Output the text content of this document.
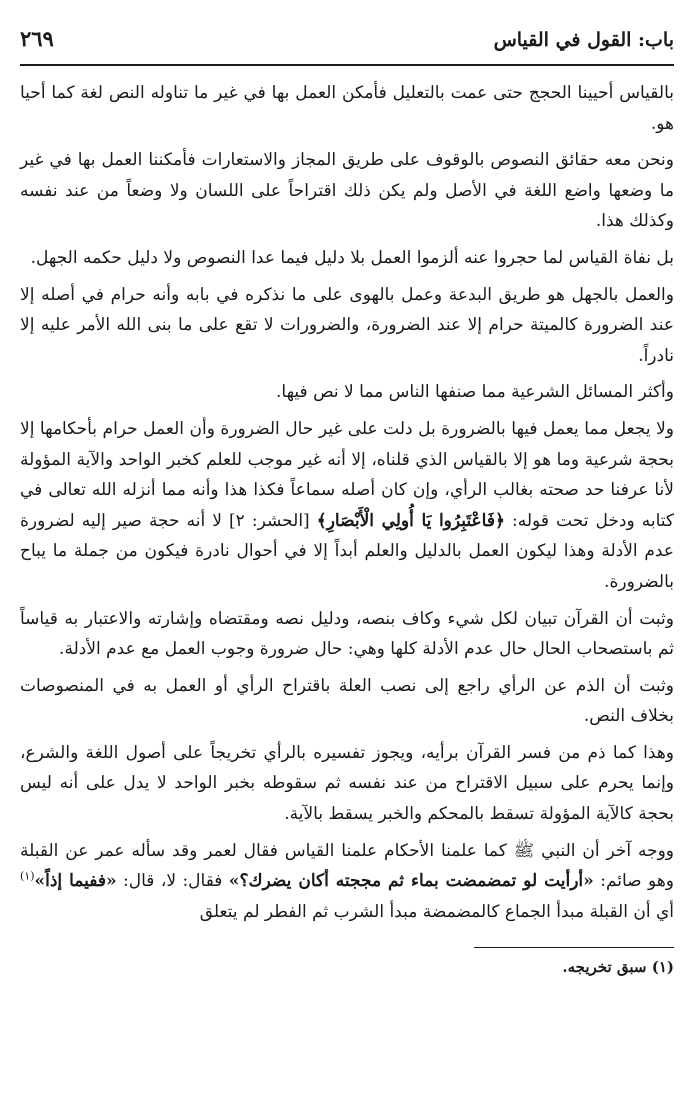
باب: القول في القياس
٢٦٩

بالقياس أحيينا الحجج حتى عمت بالتعليل فأمكن العمل بها في غير ما تناوله النص لغة كما أحيا هو.

ونحن معه حقائق النصوص بالوقوف على طريق المجاز والاستعارات فأمكننا العمل بها في غير ما وضعها واضع اللغة في الأصل ولم يكن ذلك اقتراحاً على اللسان ولا وضعاً من عند نفسه وكذلك هذا.

بل نفاة القياس لما حجروا عنه ألزموا العمل بلا دليل فيما عدا النصوص ولا دليل حكمه الجهل.

والعمل بالجهل هو طريق البدعة وعمل بالهوى على ما نذكره في بابه وأنه حرام في أصله إلا عند الضرورة كالميتة حرام إلا عند الضرورة، والضرورات لا تقع على ما بنى الله الأمر عليه إلا نادراً.

وأكثر المسائل الشرعية مما صنفها الناس مما لا نص فيها.

ولا يجعل مما يعمل فيها بالضرورة بل دلت على غير حال الضرورة وأن العمل حرام بأحكامها إلا بحجة شرعية وما هو إلا بالقياس الذي قلناه، إلا أنه غير موجب للعلم كخبر الواحد والآية المؤولة لأنا عرفنا حد صحته بغالب الرأي، وإن كان أصله سماعاً فكذا هذا وأنه مما أنزله الله تعالى في كتابه ودخل تحت قوله: ﴿فَاعْتَبِرُوا يَا أُولِي الْأَبْصَارِ﴾ [الحشر: ٢] لا أنه حجة صير إليه لضرورة عدم الأدلة وهذا ليكون العمل بالدليل والعلم أبداً إلا في أحوال نادرة فيكون من جملة ما يباح بالضرورة.

وثبت أن القرآن تبيان لكل شيء وكاف بنصه، ودليل نصه ومقتضاه وإشارته والاعتبار به قياساً ثم باستصحاب الحال حال عدم الأدلة كلها وهي: حال ضرورة وجوب العمل مع عدم الأدلة.

وثبت أن الذم عن الرأي راجع إلى نصب العلة باقتراح الرأي أو العمل به في المنصوصات بخلاف النص.

وهذا كما ذم من فسر القرآن برأيه، ويجوز تفسيره بالرأي تخريجاً على أصول اللغة والشرع، وإنما يحرم على سبيل الاقتراح من عند نفسه ثم سقوطه بخبر الواحد لا يدل على أنه ليس بحجة كالآية المؤولة تسقط بالمحكم والخبر يسقط بالآية.

ووجه آخر أن النبي ﷺ كما علمنا الأحكام علمنا القياس فقال لعمر وقد سأله عمر عن القبلة وهو صائم: «أرأيت لو تمضمضت بماء ثم مججته أكان يضرك؟» فقال: لا، قال: «ففيما إذاً»$^{(١)}$ أي أن القبلة مبدأ الجماع كالمضمضة مبدأ الشرب ثم الفطر لم يتعلق

(١) سبق تخريجه.
